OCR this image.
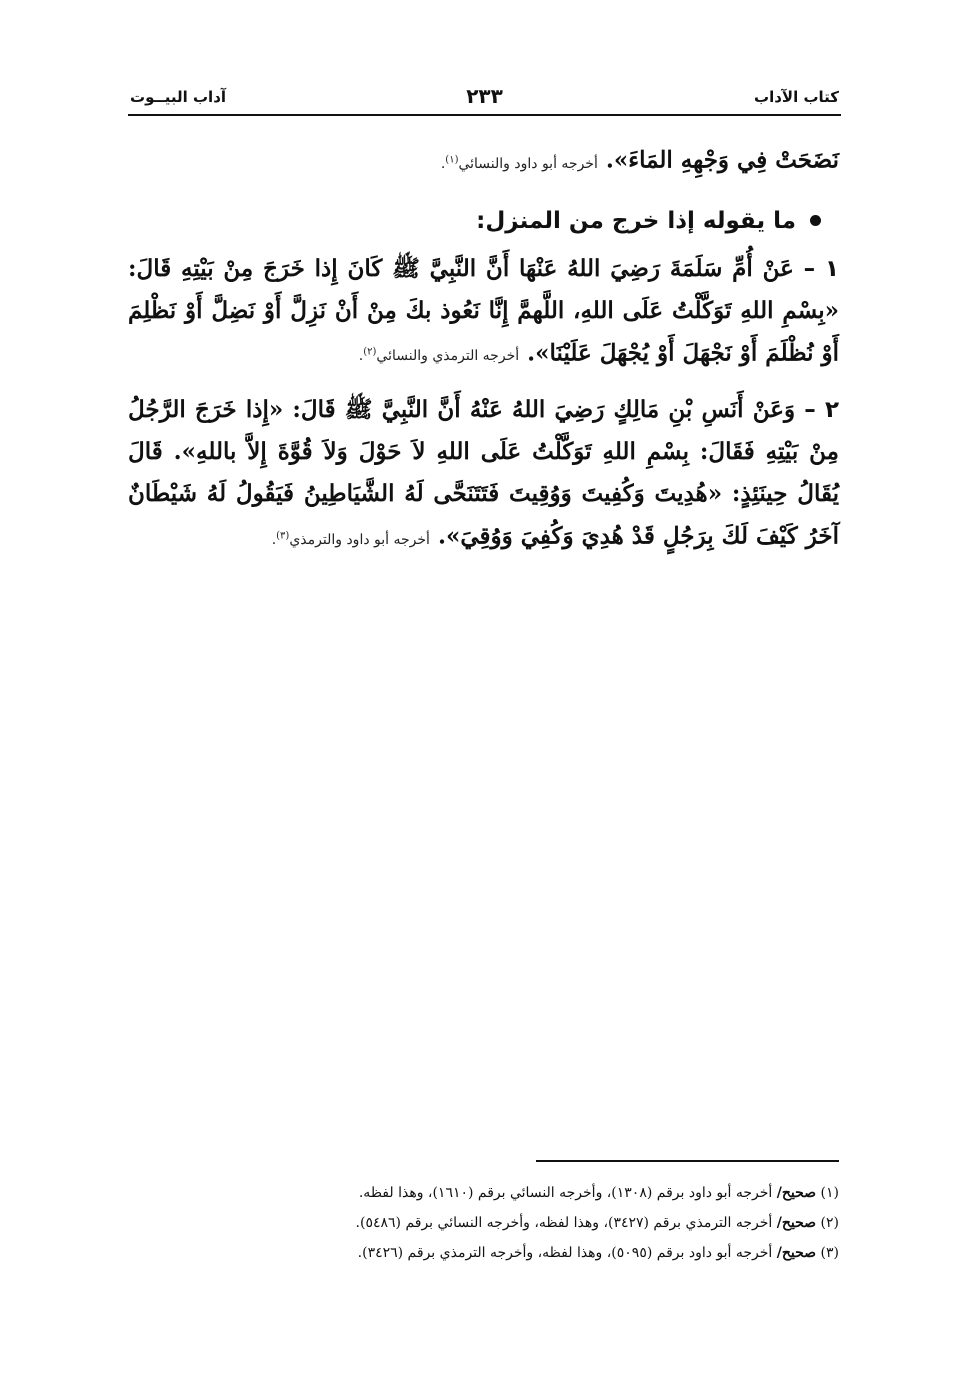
كتاب الآداب
٢٣٣
آداب البيــوت
نَضَحَتْ فِي وَجْهِهِ المَاءَ». أخرجه أبو داود والنسائي$^{(١)}$.
ما يقوله إذا خرج من المنزل:
١ – عَنْ أُمِّ سَلَمَةَ رَضِيَ اللهُ عَنْهَا أَنَّ النَّبِيَّ ﷺ كَانَ إِذا خَرَجَ مِنْ بَيْتِهِ قَالَ: «بِسْمِ اللهِ تَوَكَّلْتُ عَلَى اللهِ، اللَّهمَّ إِنَّا نَعُوذ بكَ مِنْ أَنْ نَزِلَّ أَوْ نَضِلَّ أَوْ نَظْلِمَ أَوْ نُظْلَمَ أَوْ نَجْهَلَ أَوْ يُجْهَلَ عَلَيْنَا». أخرجه الترمذي والنسائي$^{(٢)}$.
٢ – وَعَنْ أَنَسِ بْنِ مَالِكٍ رَضِيَ اللهُ عَنْهُ أَنَّ النَّبِيَّ ﷺ قَالَ: «إِذا خَرَجَ الرَّجُلُ مِنْ بَيْتِهِ فَقَالَ: بِسْمِ اللهِ تَوَكَّلْتُ عَلَى اللهِ لاَ حَوْلَ وَلاَ قُوَّةَ إِلاَّ باللهِ». قَالَ يُقَالُ حِينَئِذٍ: «هُدِيتَ وَكُفِيتَ وَوُقِيتَ فَتَتَنَحَّى لَهُ الشَّيَاطِينُ فَيَقُولُ لَهُ شَيْطَانٌ آخَرُ كَيْفَ لَكَ بِرَجُلٍ قَدْ هُدِيَ وَكُفِيَ وَوُقِيَ». أخرجه أبو داود والترمذي$^{(٣)}$.
(١) صحيح/ أخرجه أبو داود برقم (١٣٠٨)، وأخرجه النسائي برقم (١٦١٠)، وهذا لفظه.
(٢) صحيح/ أخرجه الترمذي برقم (٣٤٢٧)، وهذا لفظه، وأخرجه النسائي برقم (٥٤٨٦).
(٣) صحيح/ أخرجه أبو داود برقم (٥٠٩٥)، وهذا لفظه، وأخرجه الترمذي برقم (٣٤٢٦).
